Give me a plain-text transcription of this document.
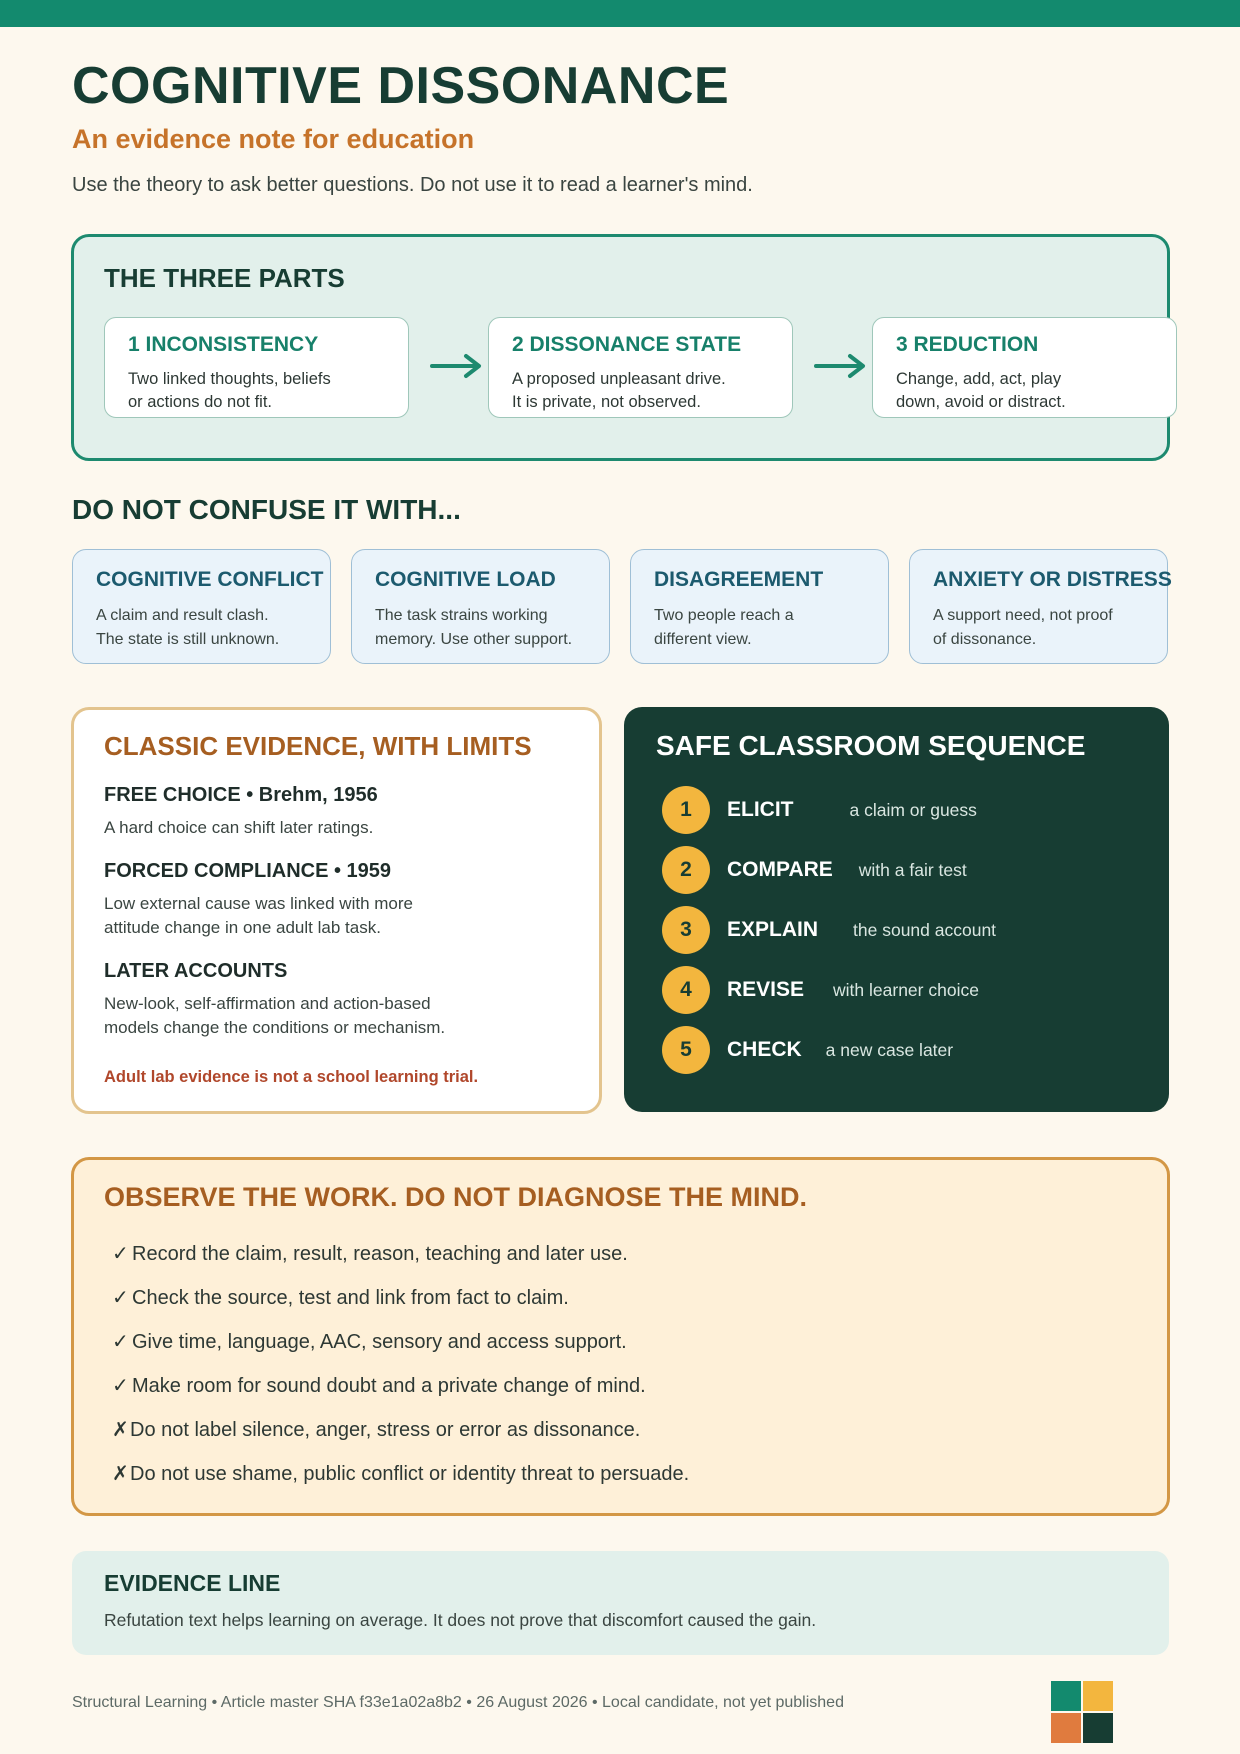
COGNITIVE DISSONANCE
An evidence note for education
Use the theory to ask better questions. Do not use it to read a learner's mind.
THE THREE PARTS
1 INCONSISTENCY
Two linked thoughts, beliefs
or actions do not fit.
2 DISSONANCE STATE
A proposed unpleasant drive.
It is private, not observed.
3 REDUCTION
Change, add, act, play
down, avoid or distract.
DO NOT CONFUSE IT WITH...
COGNITIVE CONFLICT
A claim and result clash.
The state is still unknown.
COGNITIVE LOAD
The task strains working
memory. Use other support.
DISAGREEMENT
Two people reach a
different view.
ANXIETY OR DISTRESS
A support need, not proof
of dissonance.
CLASSIC EVIDENCE, WITH LIMITS
FREE CHOICE • Brehm, 1956
A hard choice can shift later ratings.
FORCED COMPLIANCE • 1959
Low external cause was linked with more
attitude change in one adult lab task.
LATER ACCOUNTS
New-look, self-affirmation and action-based
models change the conditions or mechanism.
Adult lab evidence is not a school learning trial.
SAFE CLASSROOM SEQUENCE
1	ELICIT	a claim or guess
2	COMPARE with a fair test
3	EXPLAIN the sound account
4	REVISE with learner choice
5	CHECK a new case later
OBSERVE THE WORK. DO NOT DIAGNOSE THE MIND.
✓ Record the claim, result, reason, teaching and later use.
✓ Check the source, test and link from fact to claim.
✓ Give time, language, AAC, sensory and access support.
✓ Make room for sound doubt and a private change of mind.
✗Do not label silence, anger, stress or error as dissonance.
✗Do not use shame, public conflict or identity threat to persuade.
EVIDENCE LINE
Refutation text helps learning on average. It does not prove that discomfort caused the gain.
Structural Learning • Article master SHA f33e1a02a8b2 • 26 August 2026 • Local candidate, not yet published
